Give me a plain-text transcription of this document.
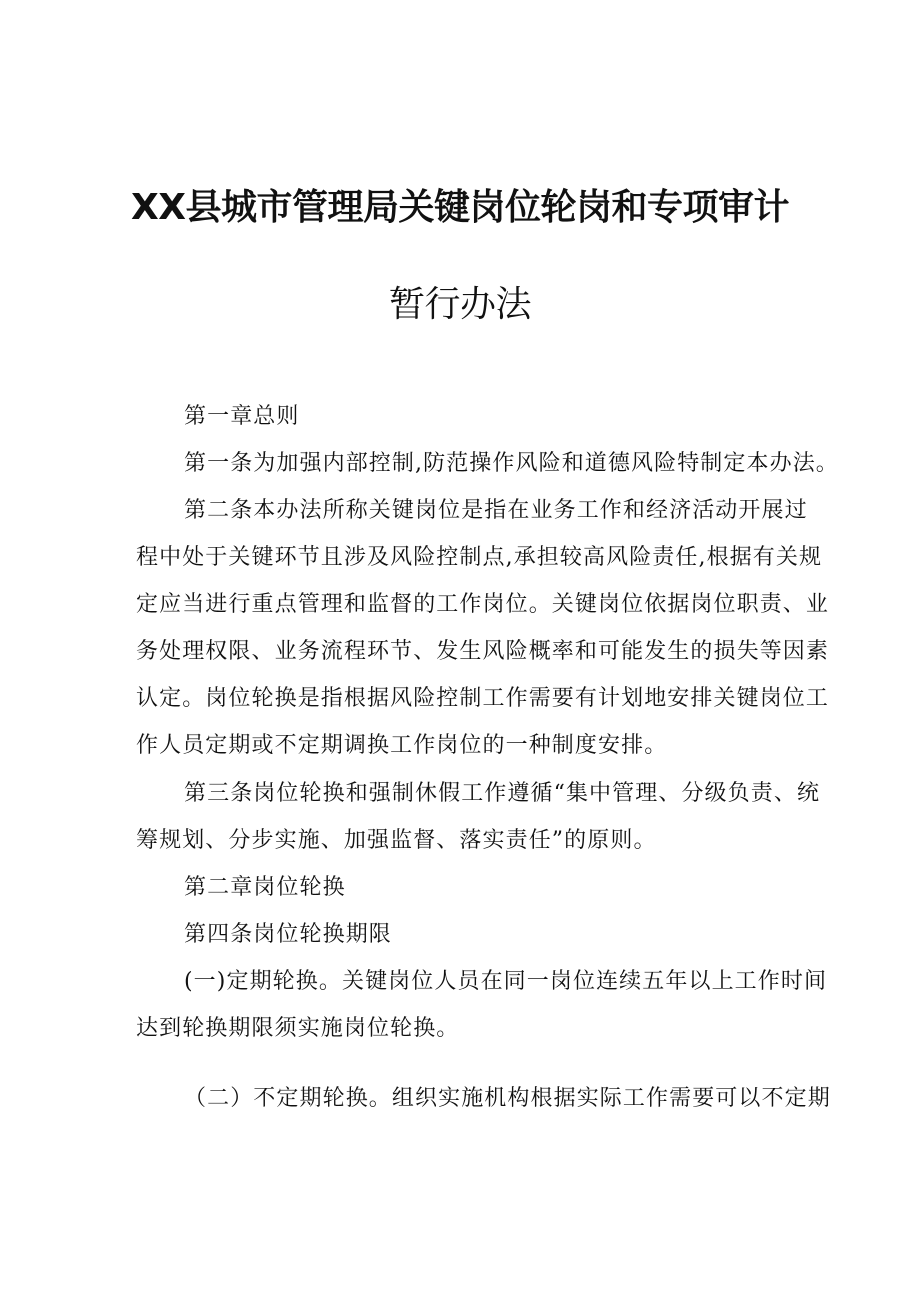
XX县城市管理局关键岗位轮岗和专项审计
暂行办法
第一章总则
第一条为加强内部控制,防范操作风险和道德风险特制定本办法。
第二条本办法所称关键岗位是指在业务工作和经济活动开展过
程中处于关键环节且涉及风险控制点,承担较高风险责任,根据有关规
定应当进行重点管理和监督的工作岗位。关键岗位依据岗位职责、业
务处理权限、业务流程环节、发生风险概率和可能发生的损失等因素
认定。岗位轮换是指根据风险控制工作需要有计划地安排关键岗位工
作人员定期或不定期调换工作岗位的一种制度安排。
第三条岗位轮换和强制休假工作遵循“集中管理、分级负责、统
筹规划、分步实施、加强监督、落实责任”的原则。
第二章岗位轮换
第四条岗位轮换期限
(一)定期轮换。关键岗位人员在同一岗位连续五年以上工作时间
达到轮换期限须实施岗位轮换。
（二）不定期轮换。组织实施机构根据实际工作需要可以不定期
